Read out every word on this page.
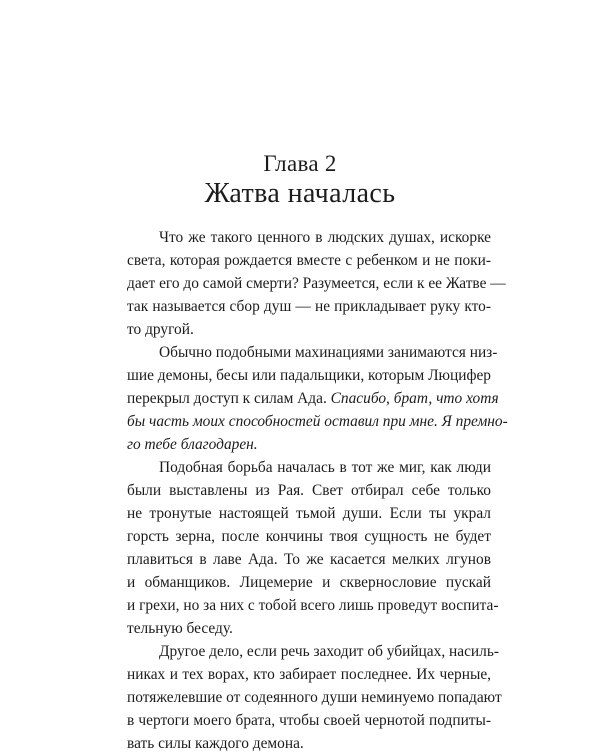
Глава 2
Жатва началась
Что же такого ценного в людских душах, искорке
света, которая рождается вместе с ребенком и не поки-
дает его до самой смерти? Разумеется, если к ее Жатве —
так называется сбор душ — не прикладывает руку кто-
то другой.
Обычно подобными махинациями занимаются низ-
шие демоны, бесы или падальщики, которым Люцифер
перекрыл доступ к силам Ада. Спасибо, брат, что хотя
бы часть моих способностей оставил при мне. Я премно-
го тебе благодарен.
Подобная борьба началась в тот же миг, как люди
были выставлены из Рая. Свет отбирал себе только
не тронутые настоящей тьмой души. Если ты украл
горсть зерна, после кончины твоя сущность не будет
плавиться в лаве Ада. То же касается мелких лгунов
и обманщиков. Лицемерие и сквернословие пускай
и грехи, но за них с тобой всего лишь проведут воспита-
тельную беседу.
Другое дело, если речь заходит об убийцах, насиль-
никах и тех ворах, кто забирает последнее. Их черные,
потяжелевшие от содеянного души неминуемо попадают
в чертоги моего брата, чтобы своей чернотой подпиты-
вать силы каждого демона.
